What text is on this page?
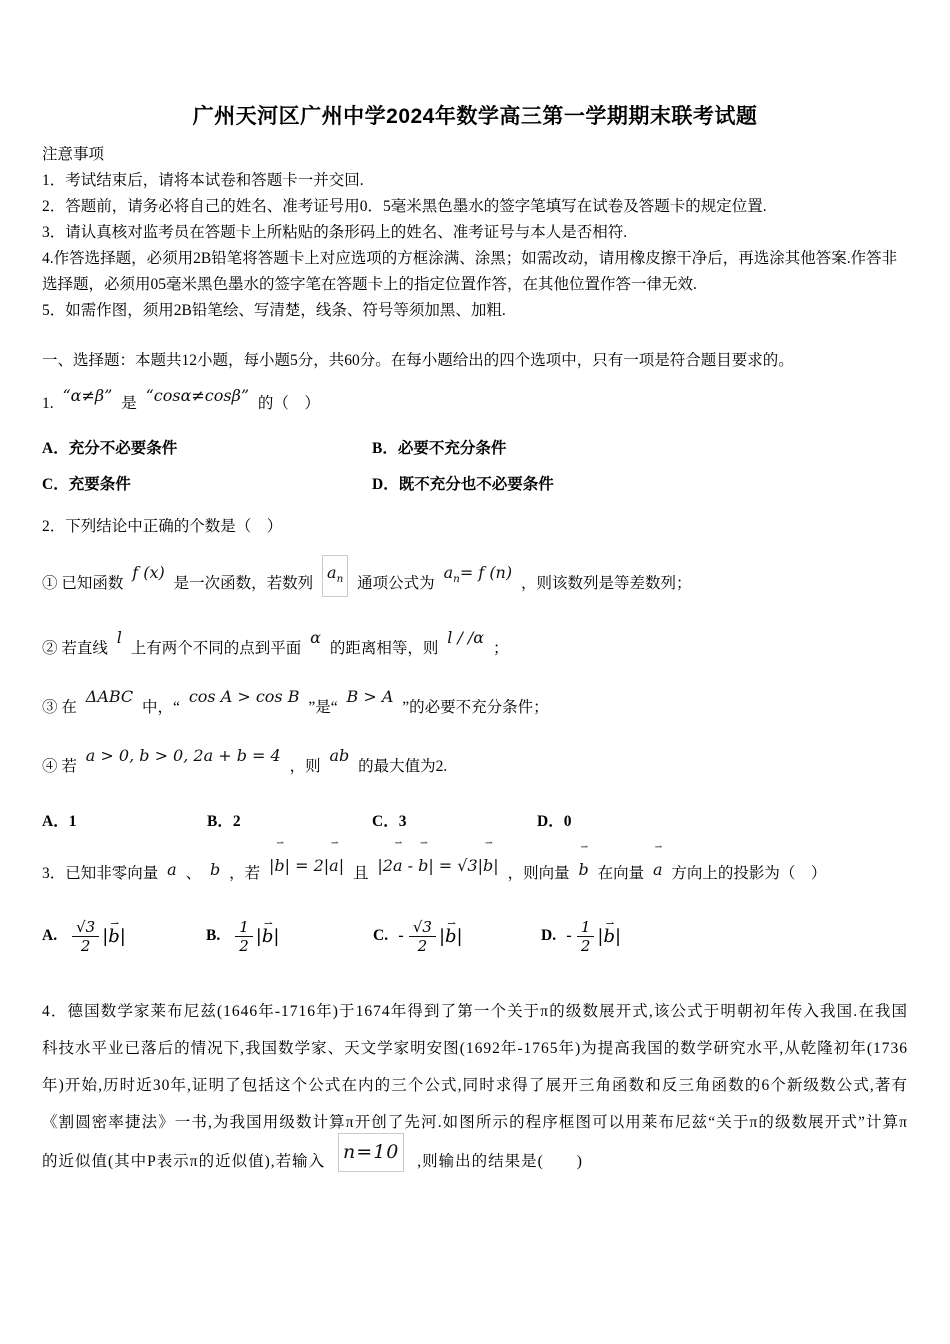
广州天河区广州中学2024年数学高三第一学期期末联考试题
注意事项
1．考试结束后，请将本试卷和答题卡一并交回.
2．答题前，请务必将自己的姓名、准考证号用0．5毫米黑色墨水的签字笔填写在试卷及答题卡的规定位置.
3．请认真核对监考员在答题卡上所粘贴的条形码上的姓名、准考证号与本人是否相符.
4.作答选择题，必须用2B铅笔将答题卡上对应选项的方框涂满、涂黑；如需改动，请用橡皮擦干净后，再选涂其他答案.作答非选择题，必须用05毫米黑色墨水的签字笔在答题卡上的指定位置作答，在其他位置作答一律无效.
5．如需作图，须用2B铅笔绘、写清楚，线条、符号等须加黑、加粗.
一、选择题：本题共12小题，每小题5分，共60分。在每小题给出的四个选项中，只有一项是符合题目要求的。
1. “α≠β” 是 “cosα≠cosβ” 的（　）
A．充分不必要条件	B．必要不充分条件
C．充要条件	D．既不充分也不必要条件
2．下列结论中正确的个数是（　）
① 已知函数 f (x) 是一次函数，若数列 $a_n$ 通项公式为 $a_n= f$ (n) ，则该数列是等差数列；
② 若直线 l 上有两个不同的点到平面 α 的距离相等，则 l / /α ；
③ 在 ΔABC 中，“ cos A > cos B ”是“ B > A ”的必要不充分条件；
④ 若 a > 0, b > 0, 2a + b = 4 ，则 ab 的最大值为2.
A．1	B．2	C．3	D．0
3．已知非零向量 a 、 b ，若 |b ⇀| = 2|a ⇀| 且 |2a ⇀ - b ⇀| = √3|b ⇀| ，则向量 b ⇀ 在向量 a ⇀ 方向上的投影为（　）
A. $\frac{√3}{2} |b$ ⇀|	B. $\frac{1}{2} |b$ ⇀|	C. - $\frac{√3}{2} |b$ ⇀|	D. - $\frac{1}{2} |b$ ⇀|

4．德国数学家莱布尼兹(1646年-1716年)于1674年得到了第一个关于π的级数展开式,该公式于明朝初年传入我国.在我国科技水平业已落后的情况下,我国数学家、天文学家明安图(1692年-1765年)为提高我国的数学研究水平,从乾隆初年(1736年)开始,历时近30年,证明了包括这个公式在内的三个公式,同时求得了展开三角函数和反三角函数的6个新级数公式,著有《割圆密率捷法》一书,为我国用级数计算π开创了先河.如图所示的程序框图可以用莱布尼兹“关于π的级数展开式”计算π的近似值(其中P表示π的近似值),若输入 n=10 ,则输出的结果是(　　)
